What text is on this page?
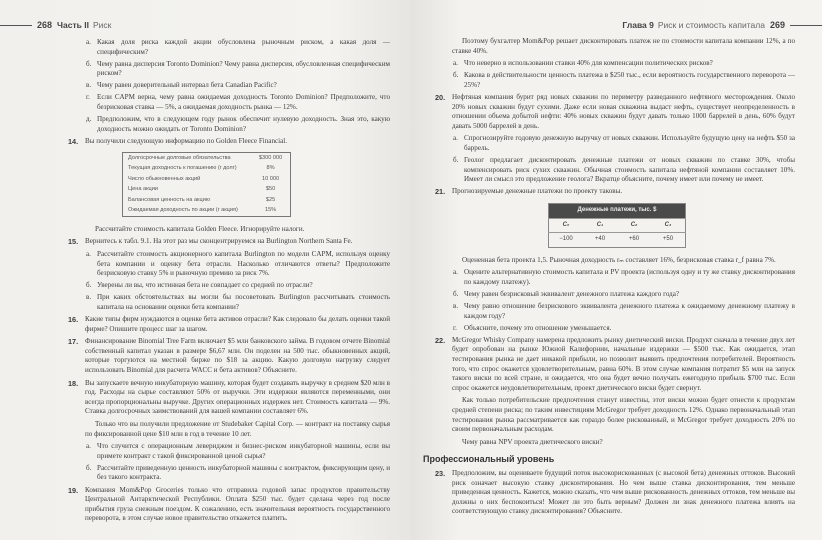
268 Часть II Риск
а. Какая доля риска каждой акции обусловлена рыночным риском, а какая доля — специфическим?
б. Чему равна дисперсия Toronto Dominion? Чему равна дисперсия, обусловленная специфическим риском?
в. Чему равен доверительный интервал бета Canadian Pacific?
г. Если CAPM верна, чему равна ожидаемая доходность Toronto Dominion? Предположите, что безрисковая ставка — 5%, а ожидаемая доходность рынка — 12%.
д. Предположим, что в следующем году рынок обеспечит нулевую доходность. Зная это, какую доходность можно ожидать от Toronto Dominion?
14. Вы получили следующую информацию по Golden Fleece Financial.
Долгосрочные долговые обязательства	$300 000
Текущая доходность к погашению (r долг)	8%
Число обыкновенных акций	10 000
Цена акции	$50
Балансовая ценность на акцию	$25
Ожидаемая доходность по акции (r акция)	15%
Рассчитайте стоимость капитала Golden Fleece. Игнорируйте налоги.
15. Вернитесь к табл. 9.1. На этот раз мы сконцентрируемся на Burlington Northern Santa Fe.
а. Рассчитайте стоимость акционерного капитала Burlington по модели CAPM, используя оценку бета компании и оценку бета отрасли. Насколько отличаются ответы? Предположите безрисковую ставку 5% и рыночную премию за риск 7%.
б. Уверены ли вы, что истинная бета не совпадает со средней по отрасли?
в. При каких обстоятельствах вы могли бы посоветовать Burlington рассчитывать стоимость капитала на основании оценки бета компании?
16. Какие типы фирм нуждаются в оценке бета активов отрасли? Как следовало бы делать оценки такой фирме? Опишите процесс шаг за шагом.
17. Финансирование Binomial Tree Farm включает $5 млн банковского займа. В годовом отчете Binomial собственный капитал указан в размере $6,67 млн. Он поделен на 500 тыс. обыкновенных акций, которые торгуются на местной бирже по $18 за акцию. Какую долговую нагрузку следует использовать Binomial для расчета WACC и бета активов? Объясните.
18. Вы запускаете вечную инкубаторную машину, которая будет создавать выручку в среднем $20 млн в год. Расходы на сырье составляют 50% от выручки. Эти издержки являются переменными, они всегда пропорциональны выручке. Других операционных издержек нет. Стоимость капитала — 9%. Ставка долгосрочных заимствований для вашей компании составляет 6%.
Только что вы получили предложение от Studebaker Capital Corp. — контракт на поставку сырья по фиксированной цене $10 млн в год в течение 10 лет.
а. Что случится с операционным левериджем и бизнес-риском инкубаторной машины, если вы примете контракт с такой фиксированной ценой сырья?
б. Рассчитайте приведенную ценность инкубаторной машины с контрактом, фиксирующим цену, и без такого контракта.
19. Компания Mom&Pop Groceries только что отправила годовой запас продуктов правительству Центральной Антарктической Республики. Оплата $250 тыс. будет сделана через год после прибытия груза снежным поездом. К сожалению, есть значительная вероятность государственного переворота, в этом случае новое правительство откажется платить.
Глава 9 Риск и стоимость капитала 269
Поэтому бухгалтер Mom&Pop решает дисконтировать платеж не по стоимости капитала компании 12%, а по ставке 40%.
а. Что неверно в использовании ставки 40% для компенсации политических рисков?
б. Какова в действительности ценность платежа в $250 тыс., если вероятность государственного переворота — 25%?
20. Нефтяная компания бурит ряд новых скважин по периметру разведанного нефтяного месторождения. Около 20% новых скважин будут сухими. Даже если новая скважина выдаст нефть, существует неопределенность в отношении объема добытой нефти: 40% новых скважин будут давать только 1000 баррелей в день, 60% будут давать 5000 баррелей в день.
а. Спрогнозируйте годовую денежную выручку от новых скважин. Используйте будущую цену на нефть $50 за баррель.
б. Геолог предлагает дисконтировать денежные платежи от новых скважин по ставке 30%, чтобы компенсировать риск сухих скважин. Обычная стоимость капитала нефтяной компании составляет 10%. Имеет ли смысл это предложение геолога? Вкратце объясните, почему имеет или почему не имеет.
21. Прогнозируемые денежные платежи по проекту таковы.
Денежные платежи, тыс. $			
C₀	C₁	C₂	C₃
−100	+40	+60	+50
Оцененная бета проекта 1,5. Рыночная доходность rₘ составляет 16%, безрисковая ставка r_f равна 7%.
а. Оцените альтернативную стоимость капитала и PV проекта (используя одну и ту же ставку дисконтирования по каждому платежу).
б. Чему равен безрисковый эквивалент денежного платежа каждого года?
в. Чему равно отношение безрискового эквивалента денежного платежа к ожидаемому денежному платежу в каждом году?
г. Объясните, почему это отношение уменьшается.
22. McGregor Whisky Company намерена предложить рынку диетический виски. Продукт сначала в течение двух лет будет опробован на рынке Южной Калифорнии, начальные издержки — $500 тыс. Как ожидается, этап тестирования рынка не дает никакой прибыли, но позволит выявить предпочтения потребителей. Вероятность того, что спрос окажется удовлетворительным, равна 60%. В этом случае компания потратит $5 млн на запуск такого виски по всей стране, и ожидается, что она будет вечно получать ежегодную прибыль $700 тыс. Если спрос окажется неудовлетворительным, проект диетического виски будет свернут.
Как только потребительские предпочтения станут известны, этот виски можно будет отнести к продуктам средней степени риска; по таким инвестициям McGregor требует доходность 12%. Однако первоначальный этап тестирования рынка рассматривается как гораздо более рискованный, и McGregor требует доходность 20% по своим первоначальным расходам.
Чему равна NPV проекта диетического виски?
Профессиональный уровень
23. Предположим, вы оцениваете будущий поток высокорискованных (с высокой бета) денежных оттоков. Высокий риск означает высокую ставку дисконтирования. Но чем выше ставка дисконтирования, тем меньше приведенная ценность. Кажется, можно сказать, что чем выше рискованность денежных оттоков, тем меньше вы должны о них беспокоиться! Может ли это быть верным? Должен ли знак денежного платежа влиять на соответствующую ставку дисконтирования? Объясните.
